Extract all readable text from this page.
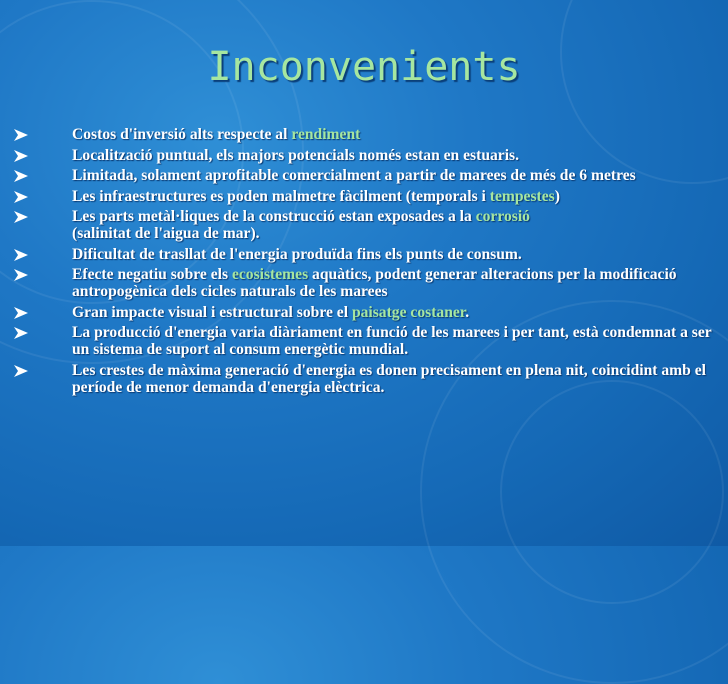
Inconvenients
Costos d'inversió alts respecte al rendiment
Localització puntual, els majors potencials només estan en estuaris.
Limitada, solament aprofitable comercialment a partir de marees de més de 6 metres
Les infraestructures es poden malmetre fàcilment (temporals i tempestes)
Les parts metàl·liques de la construcció estan exposades a la corrosió
(salinitat de l'aigua de mar).
Dificultat de trasllat de l'energia produïda fins els punts de consum.
Efecte negatiu sobre els ecosistemes aquàtics, podent generar alteracions per la modificació antropogènica dels cicles naturals de les marees
Gran impacte visual i estructural sobre el paisatge costaner.
La producció d'energia varia diàriament en funció de les marees i per tant, està condemnat a ser un sistema de suport al consum energètic mundial.
Les crestes de màxima generació d'energia es donen precisament en plena nit, coincidint amb el període de menor demanda d'energia elèctrica.
